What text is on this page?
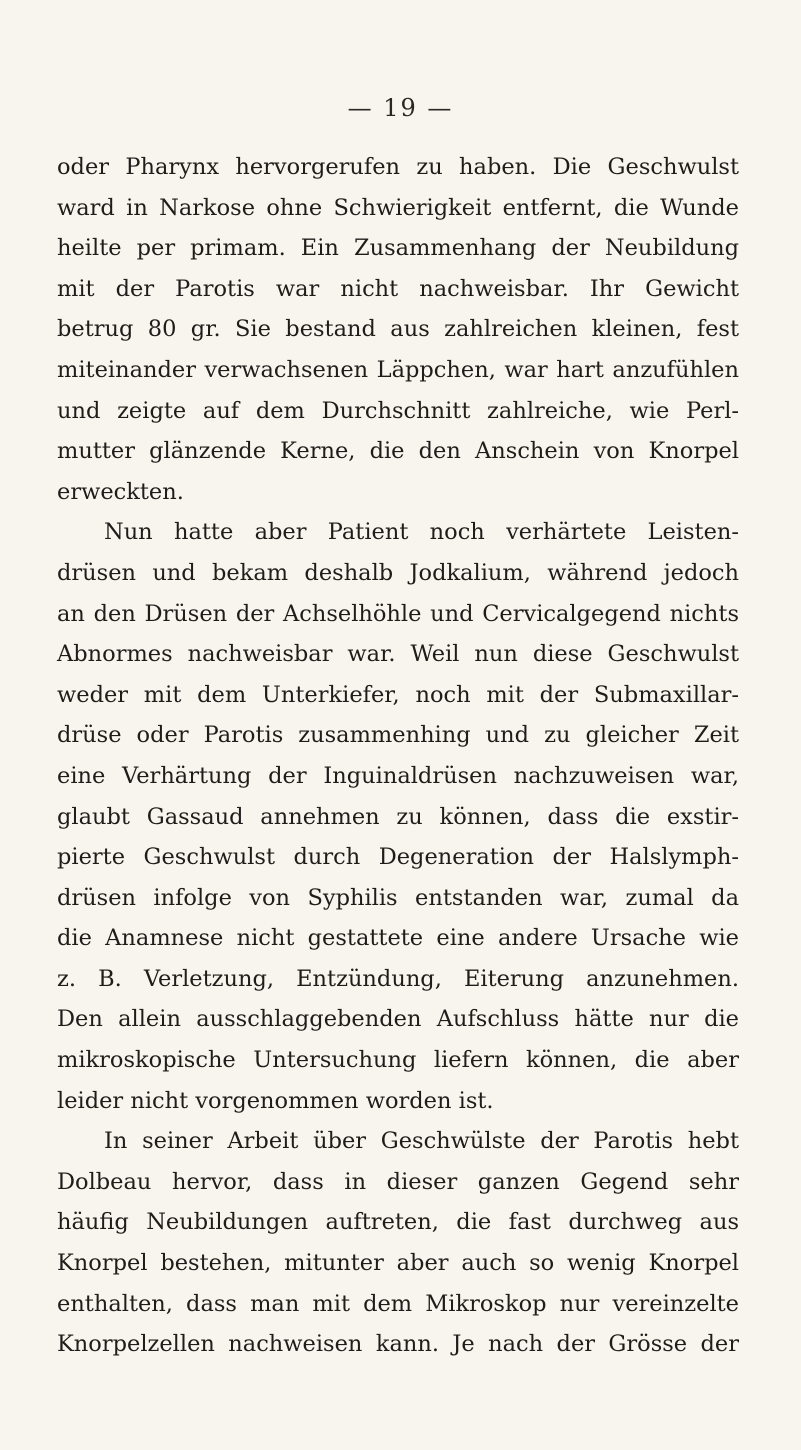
— 19 —
oder Pharynx hervorgerufen zu haben. Die Geschwulst
ward in Narkose ohne Schwierigkeit entfernt, die Wunde
heilte per primam. Ein Zusammenhang der Neubildung
mit der Parotis war nicht nachweisbar. Ihr Gewicht
betrug 80 gr. Sie bestand aus zahlreichen kleinen, fest
miteinander verwachsenen Läppchen, war hart anzufühlen
und zeigte auf dem Durchschnitt zahlreiche, wie Perl-
mutter glänzende Kerne, die den Anschein von Knorpel
erweckten.
Nun hatte aber Patient noch verhärtete Leisten-
drüsen und bekam deshalb Jodkalium, während jedoch
an den Drüsen der Achselhöhle und Cervicalgegend nichts
Abnormes nachweisbar war. Weil nun diese Geschwulst
weder mit dem Unterkiefer, noch mit der Submaxillar-
drüse oder Parotis zusammenhing und zu gleicher Zeit
eine Verhärtung der Inguinaldrüsen nachzuweisen war,
glaubt Gassaud annehmen zu können, dass die exstir-
pierte Geschwulst durch Degeneration der Halslymph-
drüsen infolge von Syphilis entstanden war, zumal da
die Anamnese nicht gestattete eine andere Ursache wie
z. B. Verletzung, Entzündung, Eiterung anzunehmen.
Den allein ausschlaggebenden Aufschluss hätte nur die
mikroskopische Untersuchung liefern können, die aber
leider nicht vorgenommen worden ist.
In seiner Arbeit über Geschwülste der Parotis hebt
Dolbeau hervor, dass in dieser ganzen Gegend sehr
häufig Neubildungen auftreten, die fast durchweg aus
Knorpel bestehen, mitunter aber auch so wenig Knorpel
enthalten, dass man mit dem Mikroskop nur vereinzelte
Knorpelzellen nachweisen kann. Je nach der Grösse der
